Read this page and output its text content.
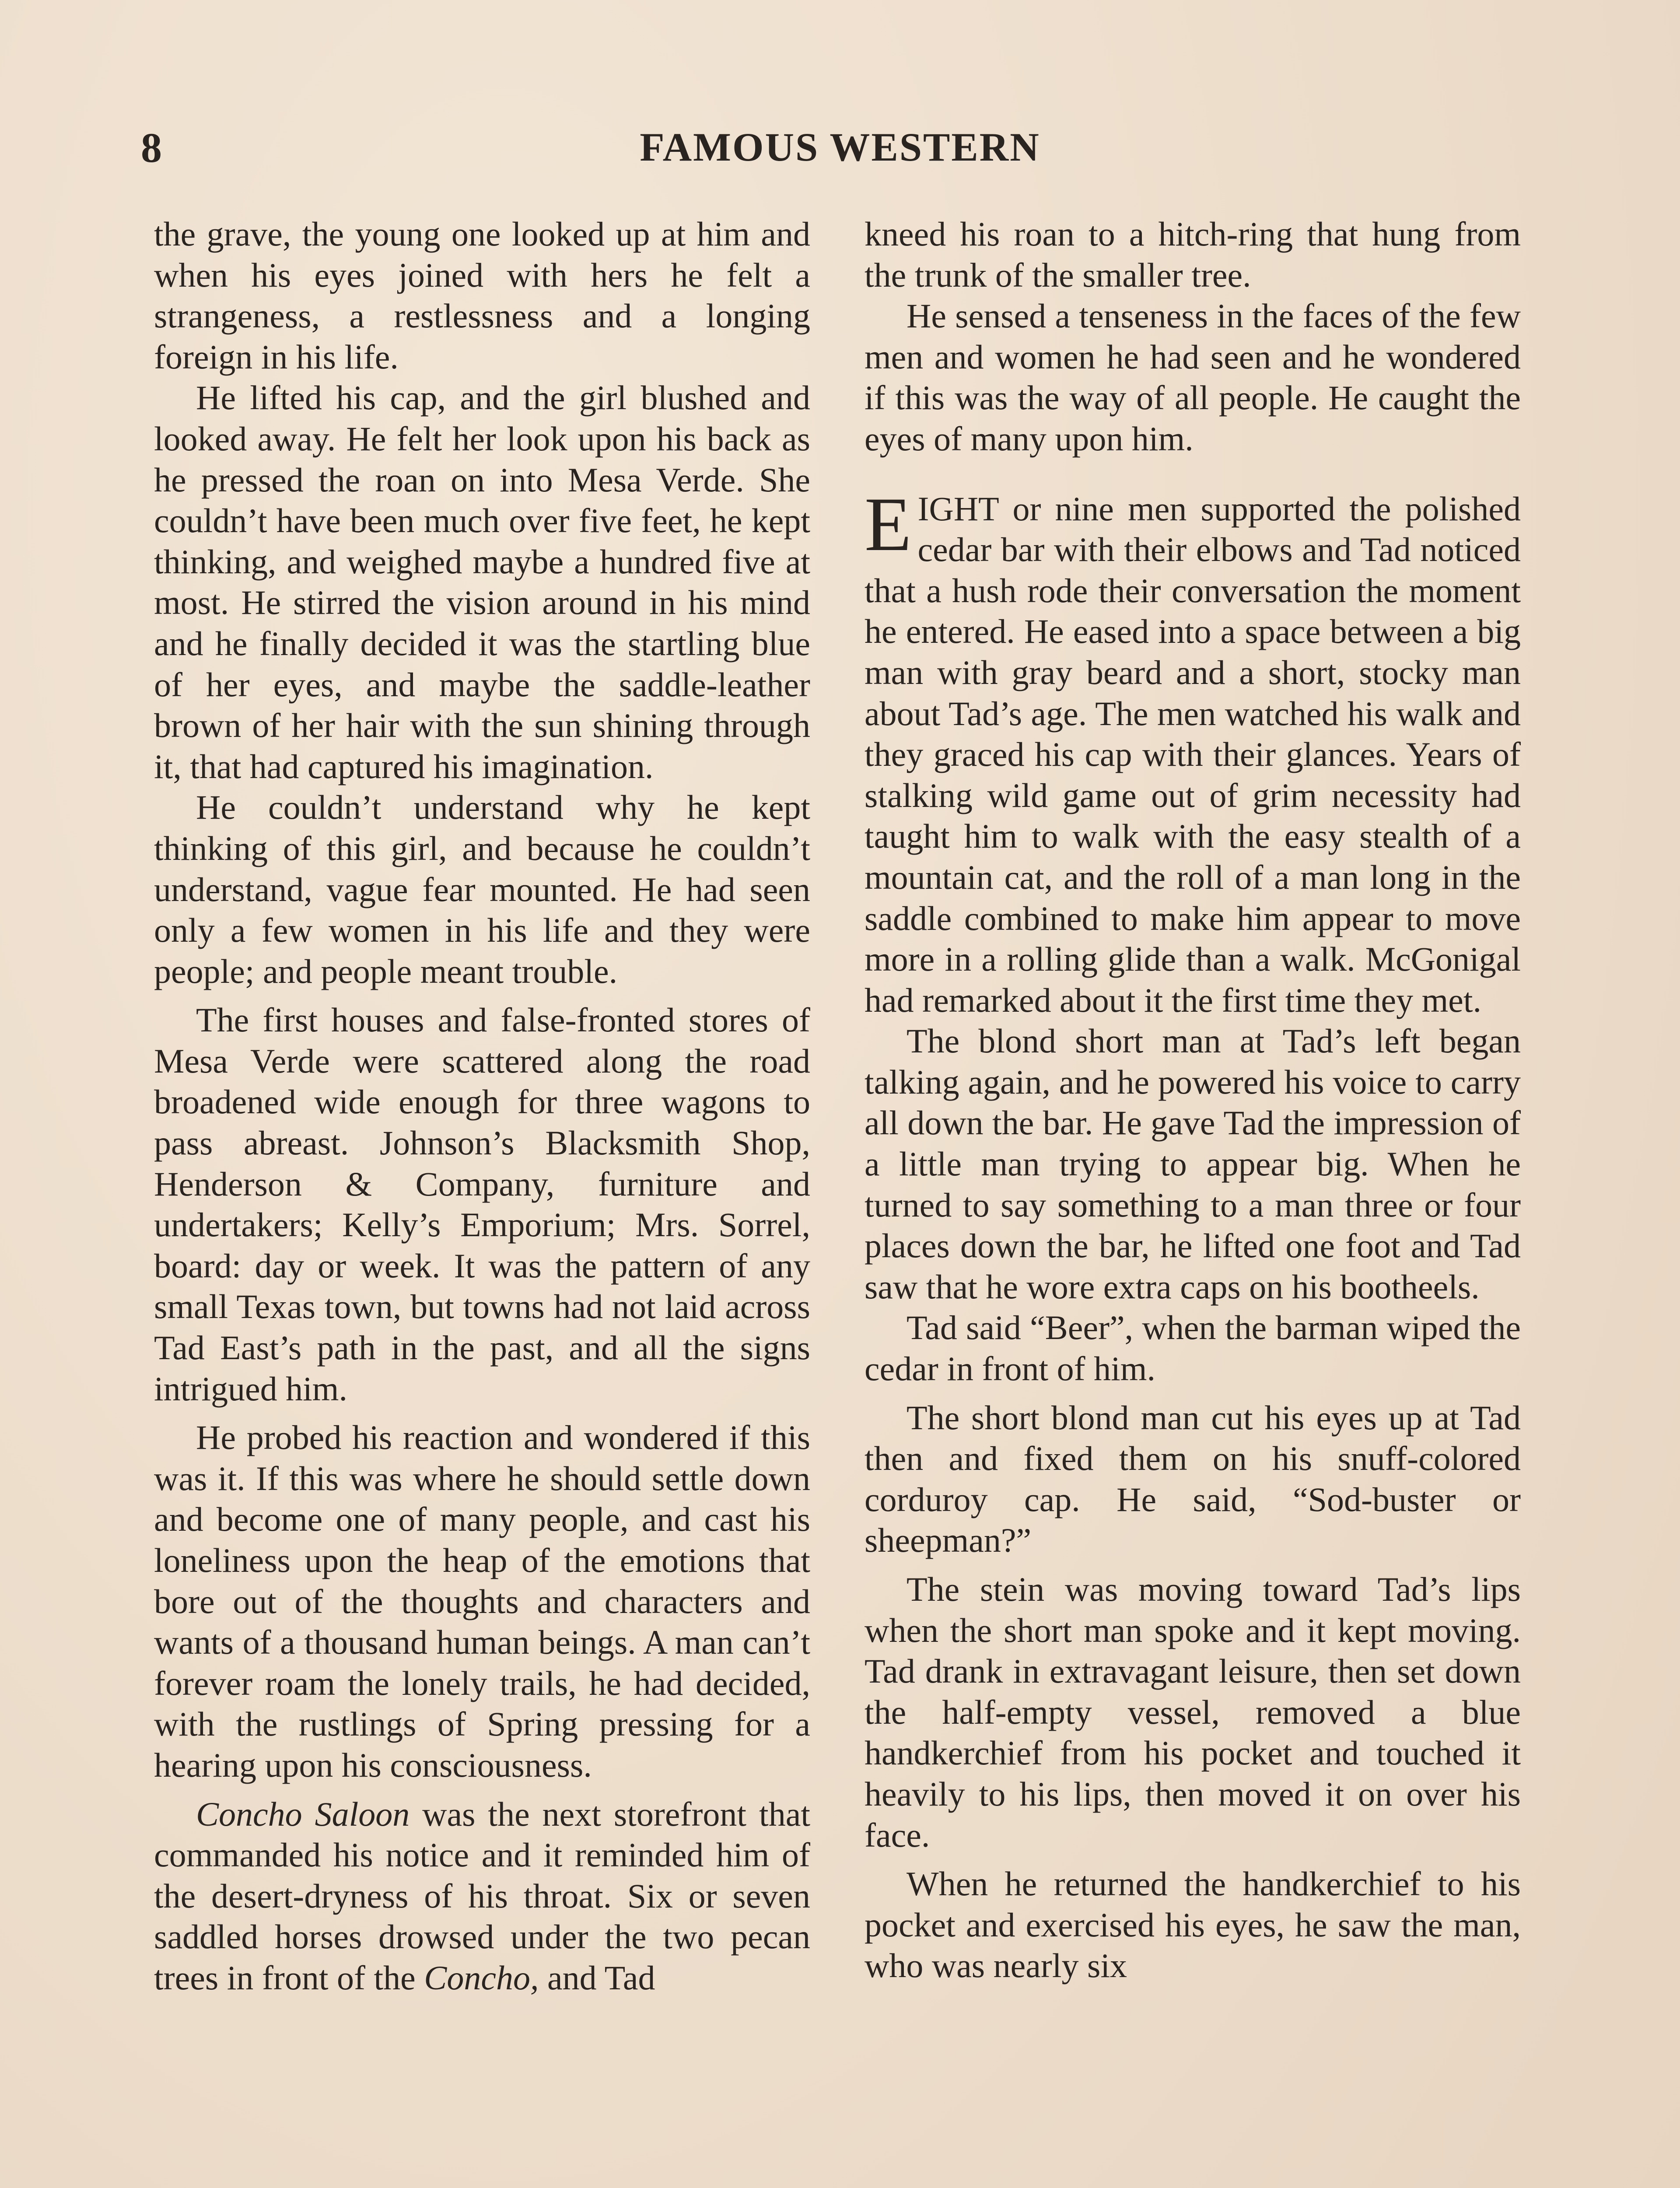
8	FAMOUS WESTERN

the grave, the young one looked up at him and when his eyes joined with hers he felt a strangeness, a restlessness and a longing foreign in his life.

He lifted his cap, and the girl blushed and looked away. He felt her look upon his back as he pressed the roan on into Mesa Verde. She couldn’t have been much over five feet, he kept thinking, and weighed maybe a hundred five at most. He stirred the vision around in his mind and he finally decided it was the startling blue of her eyes, and maybe the saddle-leather brown of her hair with the sun shining through it, that had captured his imagination.

He couldn’t understand why he kept thinking of this girl, and because he couldn’t understand, vague fear mounted. He had seen only a few women in his life and they were people; and people meant trouble.

The first houses and false-fronted stores of Mesa Verde were scattered along the road broadened wide enough for three wagons to pass abreast. Johnson’s Blacksmith Shop, Henderson & Company, furniture and undertakers; Kelly’s Emporium; Mrs. Sorrel, board: day or week. It was the pattern of any small Texas town, but towns had not laid across Tad East’s path in the past, and all the signs intrigued him.

He probed his reaction and wondered if this was it. If this was where he should settle down and become one of many people, and cast his loneliness upon the heap of the emotions that bore out of the thoughts and characters and wants of a thousand human beings. A man can’t forever roam the lonely trails, he had decided, with the rustlings of Spring pressing for a hearing upon his consciousness.

Concho Saloon was the next storefront that commanded his notice and it reminded him of the desert-dryness of his throat. Six or seven saddled horses drowsed under the two pecan trees in front of the Concho, and Tad

kneed his roan to a hitch-ring that hung from the trunk of the smaller tree.

He sensed a tenseness in the faces of the few men and women he had seen and he wondered if this was the way of all people. He caught the eyes of many upon him.

EIGHT or nine men supported the polished cedar bar with their elbows and Tad noticed that a hush rode their conversation the moment he entered. He eased into a space between a big man with gray beard and a short, stocky man about Tad’s age. The men watched his walk and they graced his cap with their glances. Years of stalking wild game out of grim necessity had taught him to walk with the easy stealth of a mountain cat, and the roll of a man long in the saddle combined to make him appear to move more in a rolling glide than a walk. McGonigal had remarked about it the first time they met.

The blond short man at Tad’s left began talking again, and he powered his voice to carry all down the bar. He gave Tad the impression of a little man trying to appear big. When he turned to say something to a man three or four places down the bar, he lifted one foot and Tad saw that he wore extra caps on his bootheels.

Tad said “Beer”, when the barman wiped the cedar in front of him.

The short blond man cut his eyes up at Tad then and fixed them on his snuff-colored corduroy cap. He said, “Sod-buster or sheepman?”

The stein was moving toward Tad’s lips when the short man spoke and it kept moving. Tad drank in extravagant leisure, then set down the half-empty vessel, removed a blue handkerchief from his pocket and touched it heavily to his lips, then moved it on over his face.

When he returned the handkerchief to his pocket and exercised his eyes, he saw the man, who was nearly six
